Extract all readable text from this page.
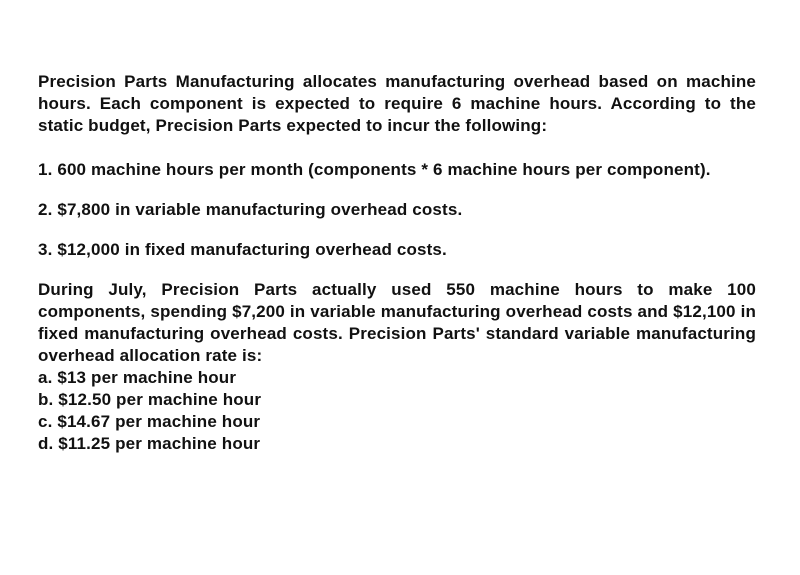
Precision Parts Manufacturing allocates manufacturing overhead based on machine hours. Each component is expected to require 6 machine hours. According to the static budget, Precision Parts expected to incur the following:

1. 600 machine hours per month (components * 6 machine hours per component).

2. $7,800 in variable manufacturing overhead costs.

3. $12,000 in fixed manufacturing overhead costs.

During July, Precision Parts actually used 550 machine hours to make 100 components, spending $7,200 in variable manufacturing overhead costs and $12,100 in fixed manufacturing overhead costs. Precision Parts' standard variable manufacturing overhead allocation rate is:

a. $13 per machine hour
b. $12.50 per machine hour
c. $14.67 per machine hour
d. $11.25 per machine hour
